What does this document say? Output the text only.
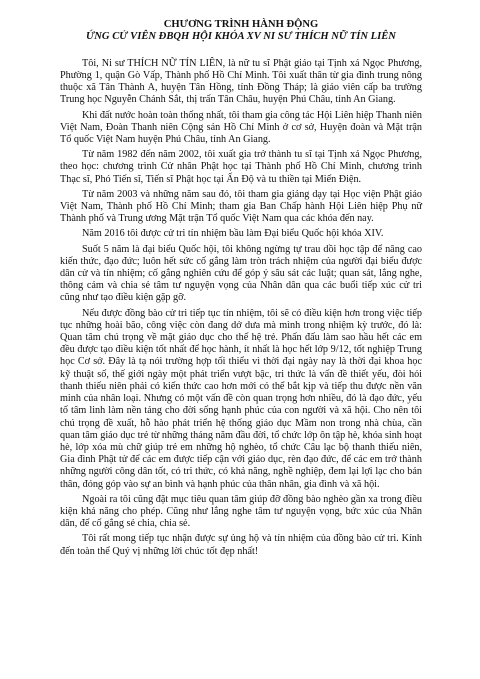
CHƯƠNG TRÌNH HÀNH ĐỘNG

ỨNG CỬ VIÊN ĐBQH HỘI KHÓA XV NI SƯ THÍCH NỮ TÍN LIÊN

Tôi, Ni sư THÍCH NỮ TÍN LIÊN, là nữ tu sĩ Phật giáo tại Tịnh xá Ngọc Phương, Phường 1, quận Gò Vấp, Thành phố Hồ Chí Minh. Tôi xuất thân từ gia đình trung nông thuộc xã Tân Thành A, huyện Tân Hồng, tỉnh Đồng Tháp; là giáo viên cấp ba trường Trung học Nguyễn Chánh Sắt, thị trấn Tân Châu, huyện Phú Châu, tỉnh An Giang.

Khi đất nước hoàn toàn thống nhất, tôi tham gia công tác Hội Liên hiệp Thanh niên Việt Nam, Đoàn Thanh niên Cộng sản Hồ Chí Minh ở cơ sở, Huyện đoàn và Mặt trận Tổ quốc Việt Nam huyện Phú Châu, tỉnh An Giang.

Từ năm 1982 đến năm 2002, tôi xuất gia trở thành tu sĩ tại Tịnh xá Ngọc Phương, theo học: chương trình Cử nhân Phật học tại Thành phố Hồ Chí Minh, chương trình Thạc sĩ, Phó Tiến sĩ, Tiến sĩ Phật học tại Ấn Độ và tu thiền tại Miến Điện.

Từ năm 2003 và những năm sau đó, tôi tham gia giảng dạy tại Học viện Phật giáo Việt Nam, Thành phố Hồ Chí Minh; tham gia Ban Chấp hành Hội Liên hiệp Phụ nữ Thành phố và Trung ương Mặt trận Tổ quốc Việt Nam qua các khóa đến nay.

Năm 2016 tôi được cử tri tín nhiệm bầu làm Đại biểu Quốc hội khóa XIV.

Suốt 5 năm là đại biểu Quốc hội, tôi không ngừng tự trau dồi học tập để nâng cao kiến thức, đạo đức; luôn hết sức cố gắng làm tròn trách nhiệm của người đại biểu được dân cử và tín nhiệm; cố gắng nghiên cứu để góp ý sâu sát các luật; quan sát, lắng nghe, thông cảm và chia sẻ tâm tư nguyện vọng của Nhân dân qua các buổi tiếp xúc cử tri cũng như tạo điều kiện gặp gỡ.

Nếu được đồng bào cử tri tiếp tục tín nhiệm, tôi sẽ có điều kiện hơn trong việc tiếp tục những hoài bão, công việc còn đang dở dưa mà mình trong nhiệm kỳ trước, đó là: Quan tâm chú trọng về mặt giáo dục cho thế hệ trẻ. Phấn đấu làm sao hầu hết các em đều được tạo điều kiện tốt nhất để học hành, ít nhất là học hết lớp 9/12, tốt nghiệp Trung học Cơ sở. Đây là tạ nói trường hợp tối thiểu vì thời đại ngày nay là thời đại khoa học kỹ thuật số, thế giới ngày một phát triển vượt bậc, tri thức là vấn đề thiết yếu, đòi hỏi thanh thiếu niên phải có kiến thức cao hơn mới có thể bắt kịp và tiếp thu được nền văn minh của nhân loại. Nhưng có một vấn đề còn quan trọng hơn nhiều, đó là đạo đức, yếu tố tâm linh làm nền tảng cho đời sống hạnh phúc của con người và xã hội. Cho nên tôi chú trọng đề xuất, hỗ hào phát triển hệ thống giáo dục Mầm non trong nhà chùa, cần quan tâm giáo dục trẻ từ những tháng năm đầu đời, tổ chức lớp ôn tập hè, khóa sinh hoạt hè, lớp xóa mù chữ giúp trẻ em những hộ nghèo, tổ chức Câu lạc bộ thanh thiếu niên, Gia đình Phật tử để các em được tiếp cận với giáo dục, rèn đạo đức, để các em trở thành những người công dân tốt, có tri thức, có khả năng, nghề nghiệp, đem lại lợi lạc cho bản thân, đóng góp vào sự an bình và hạnh phúc của thân nhân, gia đình và xã hội.

Ngoài ra tôi cũng đặt mục tiêu quan tâm giúp đỡ đồng bào nghèo gần xa trong điều kiện khả năng cho phép. Cũng như lắng nghe tâm tư nguyện vọng, bức xúc của Nhân dân, để cố gắng sẻ chia, chia sẻ.

Tôi rất mong tiếp tục nhận được sự ủng hộ và tín nhiệm của đồng bào cử tri. Kính đến toàn thể Quý vị những lời chúc tốt đẹp nhất!
